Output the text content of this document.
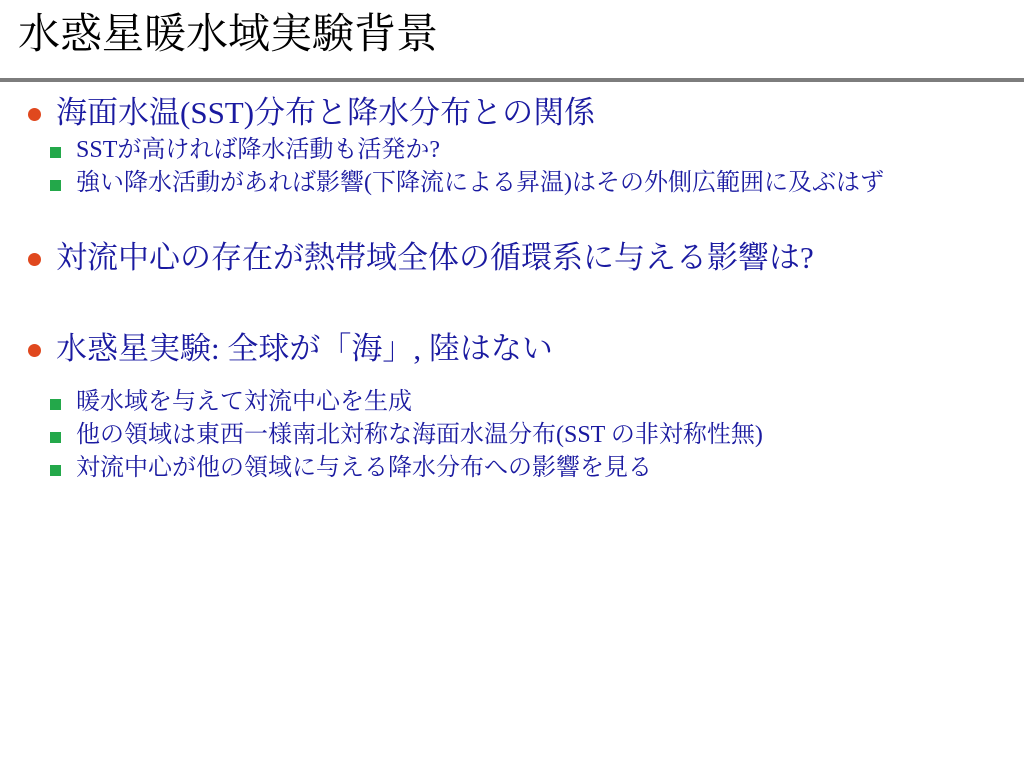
水惑星暖水域実験背景
海面水温(SST)分布と降水分布との関係
SSTが高ければ降水活動も活発か?
強い降水活動があれば影響(下降流による昇温)はその外側広範囲に及ぶはず
対流中心の存在が熱帯域全体の循環系に与える影響は?
水惑星実験: 全球が「海」, 陸はない
暖水域を与えて対流中心を生成
他の領域は東西一様南北対称な海面水温分布(SST の非対称性無)
対流中心が他の領域に与える降水分布への影響を見る
